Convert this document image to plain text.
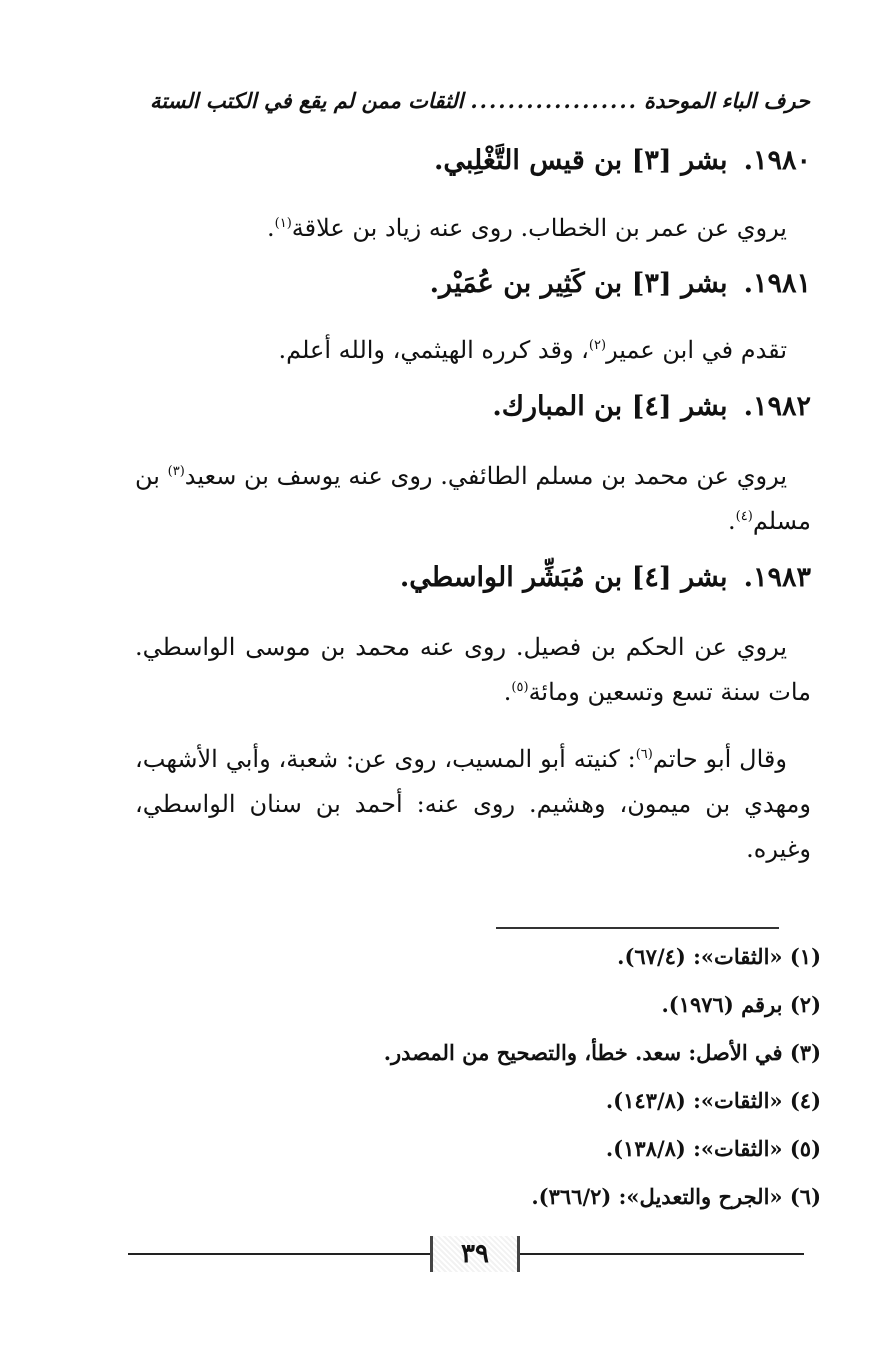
حرف الباء الموحدة
..................
الثقات ممن لم يقع في الكتب الستة
١٩٨٠.بشر [٣] بن قيس التَّغْلِبي.
يروي عن عمر بن الخطاب. روى عنه زياد بن علاقة$^{(١)}$.
١٩٨١.بشر [٣] بن كَثِير بن عُمَيْر.
تقدم في ابن عمير$^{(٢)}$، وقد كرره الهيثمي، والله أعلم.
١٩٨٢.بشر [٤] بن المبارك.
يروي عن محمد بن مسلم الطائفي. روى عنه يوسف بن سعيد$^{(٣)}$ بن مسلم$^{(٤)}$.
١٩٨٣.بشر [٤] بن مُبَشِّر الواسطي.
يروي عن الحكم بن فصيل. روى عنه محمد بن موسى الواسطي. مات سنة تسع وتسعين ومائة$^{(٥)}$.
وقال أبو حاتم$^{(٦)}$: كنيته أبو المسيب، روى عن: شعبة، وأبي الأشهب، ومهدي بن ميمون، وهشيم. روى عنه: أحمد بن سنان الواسطي، وغيره.
(١) «الثقات»: (٦٧/٤).
(٢) برقم (١٩٧٦).
(٣) في الأصل: سعد. خطأ، والتصحيح من المصدر.
(٤) «الثقات»: (١٤٣/٨).
(٥) «الثقات»: (١٣٨/٨).
(٦) «الجرح والتعديل»: (٣٦٦/٢).
٣٩
